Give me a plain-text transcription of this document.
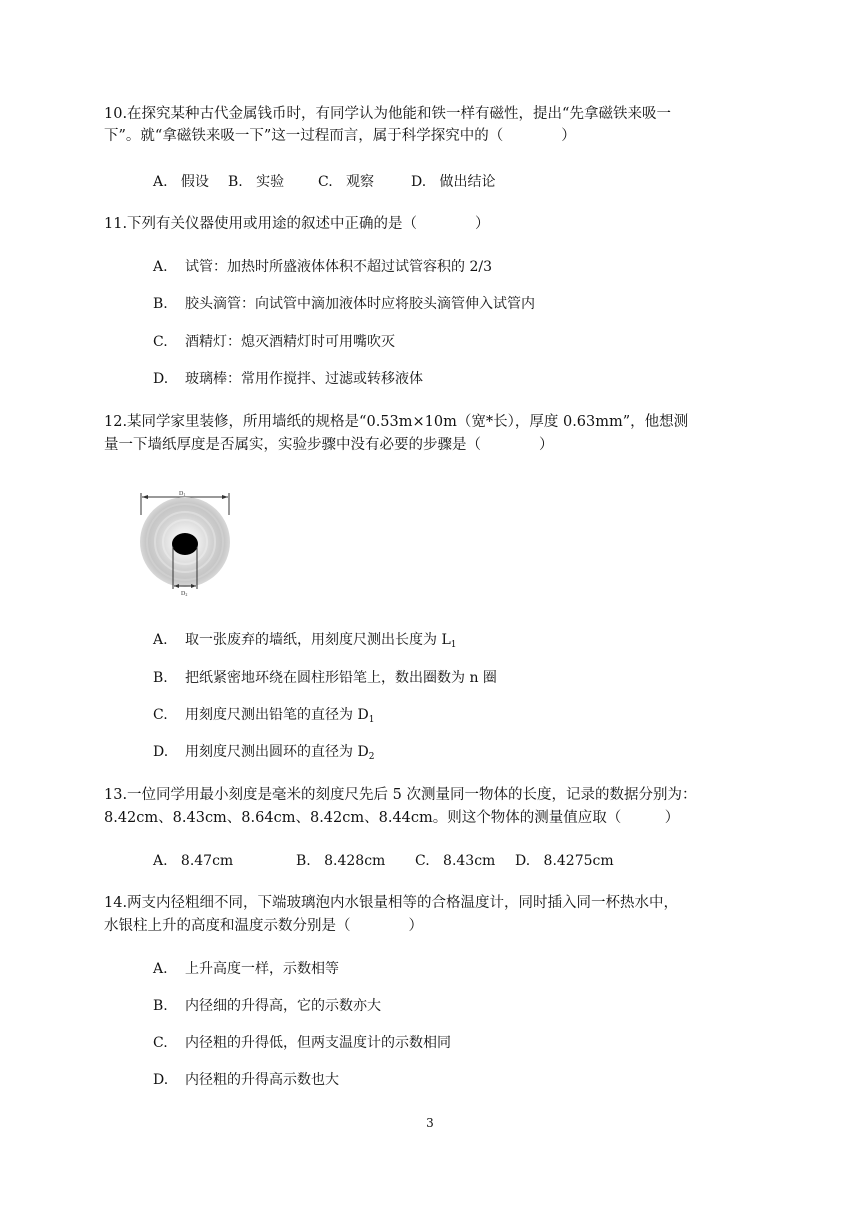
10.在探究某种古代金属钱币时，有同学认为他能和铁一样有磁性，提出“先拿磁铁来吸一
下”。就“拿磁铁来吸一下”这一过程而言，属于科学探究中的（　　　　）
A. 假设 B. 实验 C. 观察	D. 做出结论
11.下列有关仪器使用或用途的叙述中正确的是（　　　　）
A. 试管：加热时所盛液体体积不超过试管容积的 2/3
B. 胶头滴管：向试管中滴加液体时应将胶头滴管伸入试管内
C. 酒精灯：熄灭酒精灯时可用嘴吹灭
D. 玻璃棒：常用作搅拌、过滤或转移液体
12.某同学家里装修，所用墙纸的规格是“0.53m×10m（宽*长），厚度 0.63mm”，他想测
量一下墙纸厚度是否属实，实验步骤中没有必要的步骤是（　　　　）
D1
D2
A. 取一张废弃的墙纸，用刻度尺测出长度为 $L_1$
B. 把纸紧密地环绕在圆柱形铅笔上，数出圈数为 n 圈
C. 用刻度尺测出铅笔的直径为 $D_1$
D. 用刻度尺测出圆环的直径为 $D_2$
13.一位同学用最小刻度是毫米的刻度尺先后 5 次测量同一物体的长度，记录的数据分别为：
8.42cm、8.43cm、8.64cm、8.42cm、8.44cm。则这个物体的测量值应取（　　　）
A. 8.47cm	B. 8.428cm C. 8.43cm D. 8.4275cm
14.两支内径粗细不同，下端玻璃泡内水银量相等的合格温度计，同时插入同一杯热水中，
水银柱上升的高度和温度示数分别是（　　　　）
A. 上升高度一样，示数相等
B. 内径细的升得高，它的示数亦大
C. 内径粗的升得低，但两支温度计的示数相同
D. 内径粗的升得高示数也大
3
